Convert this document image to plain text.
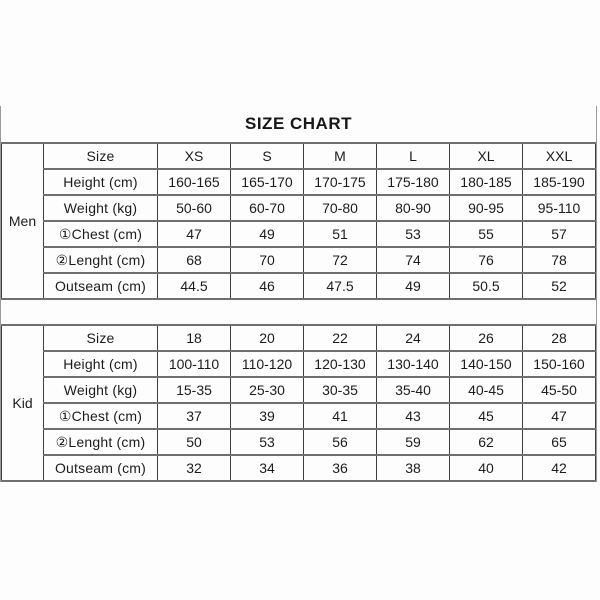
SIZE CHART
Men	Size	XS	S	M	L	XL	XXL
	Height (cm)	160-165	165-170	170-175	175-180	180-185	185-190
	Weight (kg)	50-60	60-70	70-80	80-90	90-95	95-110
	①Chest (cm)	47	49	51	53	55	57
	②Lenght (cm)	68	70	72	74	76	78
	Outseam (cm)	44.5	46	47.5	49	50.5	52
Kid	Size	18	20	22	24	26	28
	Height (cm)	100-110	110-120	120-130	130-140	140-150	150-160
	Weight (kg)	15-35	25-30	30-35	35-40	40-45	45-50
	①Chest (cm)	37	39	41	43	45	47
	②Lenght (cm)	50	53	56	59	62	65
	Outseam (cm)	32	34	36	38	40	42
